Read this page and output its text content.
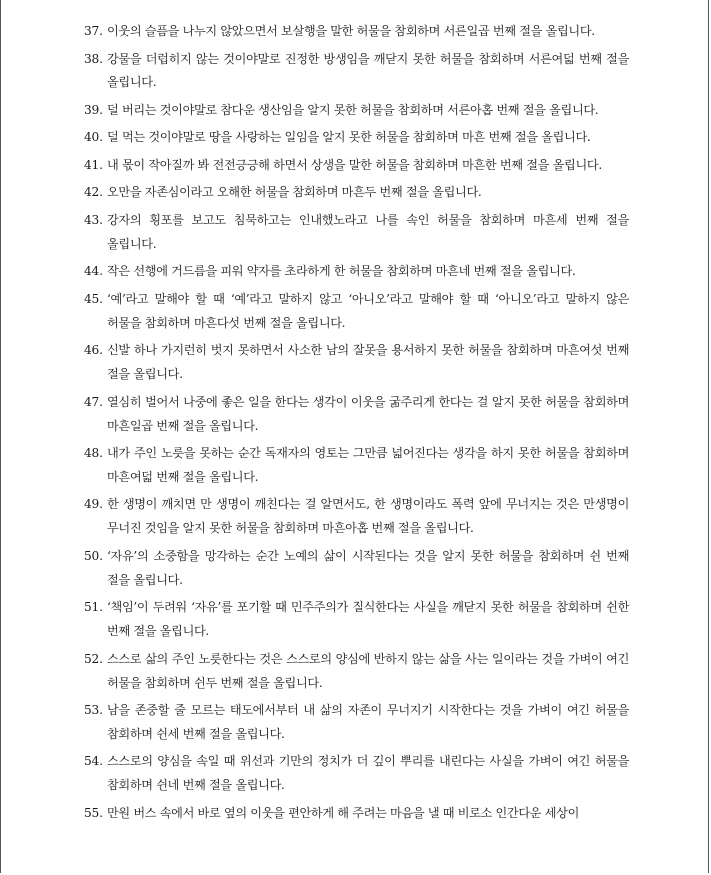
37. 이웃의 슬픔을 나누지 않았으면서 보살행을 말한 허물을 참회하며 서른일곱 번째 절을 올립니다.
38. 강물을 더럽히지 않는 것이야말로 진정한 방생임을 깨닫지 못한 허물을 참회하며 서른여덟 번째 절을 올립니다.
39. 덜 버리는 것이야말로 참다운 생산임을 알지 못한 허물을 참회하며 서른아홉 번째 절을 올립니다.
40. 덜 먹는 것이야말로 땅을 사랑하는 일임을 알지 못한 허물을 참회하며 마흔 번째 절을 올립니다.
41. 내 몫이 작아질까 봐 전전긍긍해 하면서 상생을 말한 허물을 참회하며 마흔한 번째 절을 올립니다.
42. 오만을 자존심이라고 오해한 허물을 참회하며 마흔두 번째 절을 올립니다.
43. 강자의 횡포를 보고도 침묵하고는 인내했노라고 나를 속인 허물을 참회하며 마흔세 번째 절을 올립니다.
44. 작은 선행에 거드름을 피워 약자를 초라하게 한 허물을 참회하며 마흔네 번째 절을 올립니다.
45. ‘예’라고 말해야 할 때 ‘예’라고 말하지 않고 ‘아니오’라고 말해야 할 때 ‘아니오’라고 말하지 않은 허물을 참회하며 마흔다섯 번째 절을 올립니다.
46. 신발 하나 가지런히 벗지 못하면서 사소한 남의 잘못을 용서하지 못한 허물을 참회하며 마흔여섯 번째 절을 올립니다.
47. 열심히 벌어서 나중에 좋은 일을 한다는 생각이 이웃을 굶주리게 한다는 걸 알지 못한 허물을 참회하며 마흔일곱 번째 절을 올립니다.
48. 내가 주인 노릇을 못하는 순간 독재자의 영토는 그만큼 넓어진다는 생각을 하지 못한 허물을 참회하며 마흔여덟 번째 절을 올립니다.
49. 한 생명이 깨치면 만 생명이 깨친다는 걸 알면서도, 한 생명이라도 폭력 앞에 무너지는 것은 만생명이 무너진 것임을 알지 못한 허물을 참회하며 마흔아홉 번째 절을 올립니다.
50. ‘자유’의 소중함을 망각하는 순간 노예의 삶이 시작된다는 것을 알지 못한 허물을 참회하며 쉰 번째 절을 올립니다.
51. ‘책임’이 두려워 ‘자유’를 포기할 때 민주주의가 질식한다는 사실을 깨닫지 못한 허물을 참회하며 쉰한 번째 절을 올립니다.
52. 스스로 삶의 주인 노릇한다는 것은 스스로의 양심에 반하지 않는 삶을 사는 일이라는 것을 가벼이 여긴 허물을 참회하며 쉰두 번째 절을 올립니다.
53. 남을 존중할 줄 모르는 태도에서부터 내 삶의 자존이 무너지기 시작한다는 것을 가벼이 여긴 허물을 참회하며 쉰세 번째 절을 올립니다.
54. 스스로의 양심을 속일 때 위선과 기만의 정치가 더 깊이 뿌리를 내린다는 사실을 가벼이 여긴 허물을 참회하며 쉰네 번째 절을 올립니다.
55. 만원 버스 속에서 바로 옆의 이웃을 편안하게 해 주려는 마음을 낼 때 비로소 인간다운 세상이
